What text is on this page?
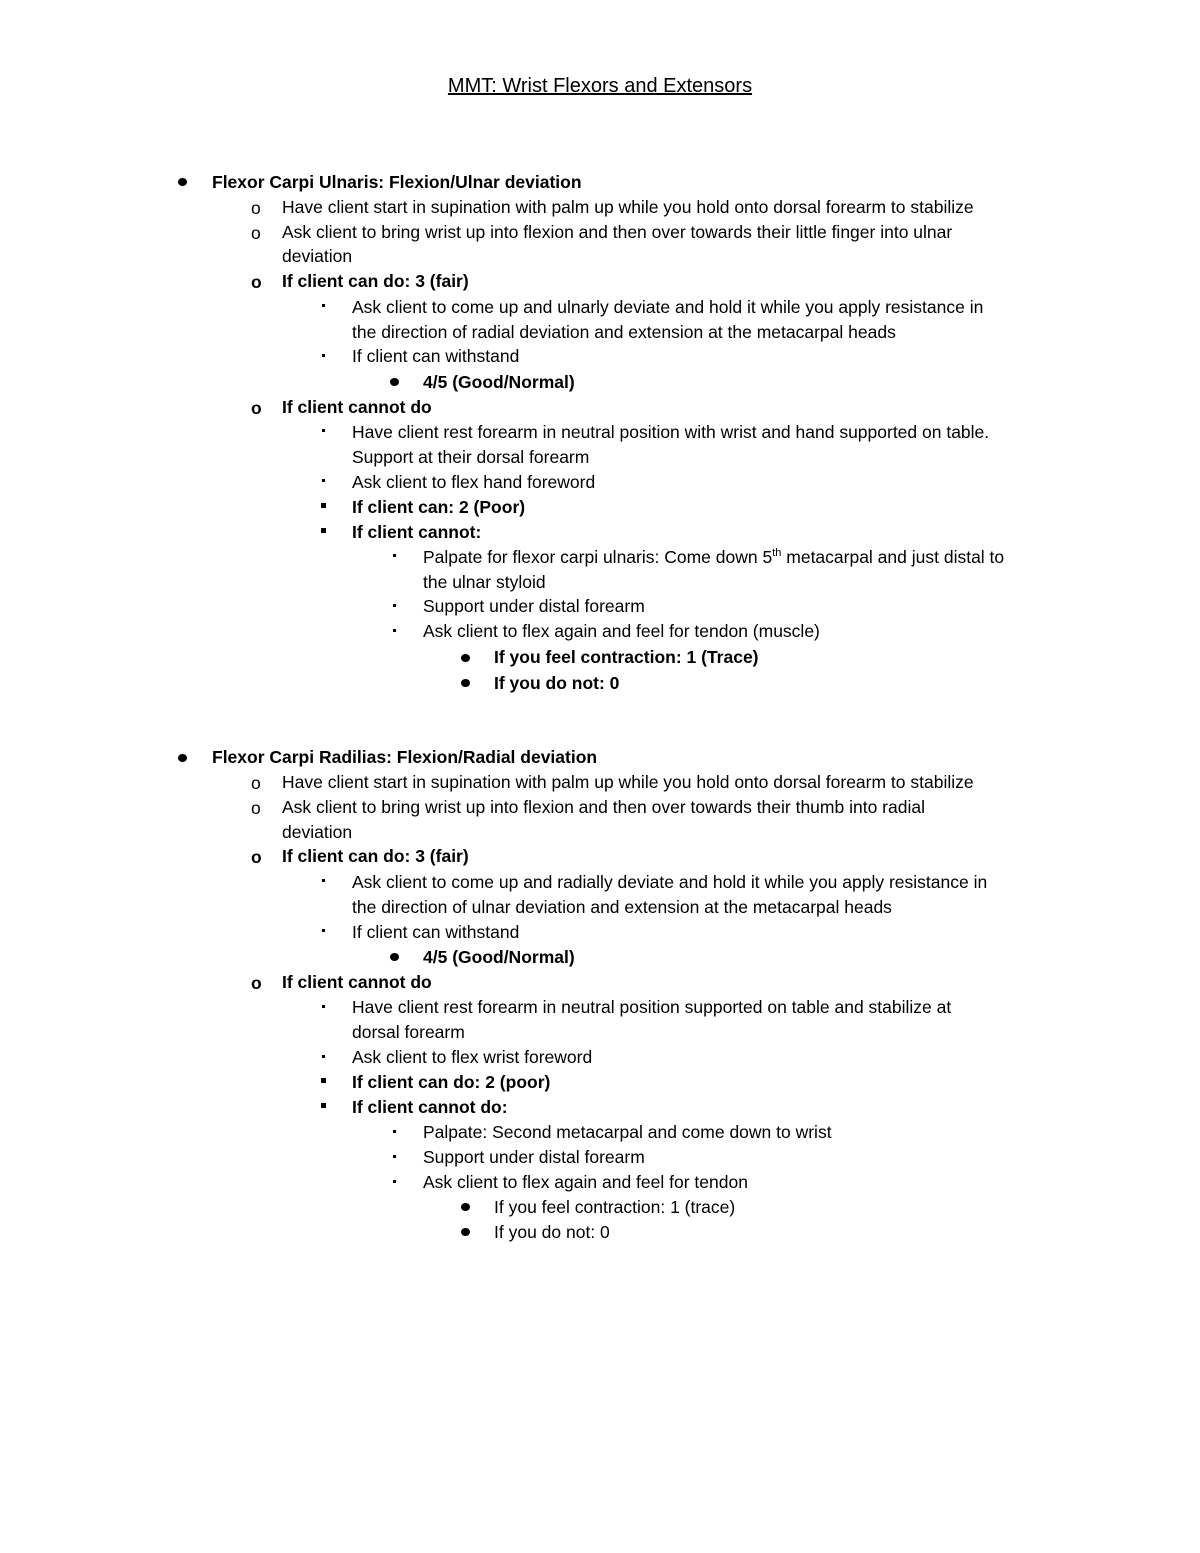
MMT: Wrist Flexors and Extensors
Flexor Carpi Ulnaris: Flexion/Ulnar deviation
o Have client start in supination with palm up while you hold onto dorsal forearm to stabilize
o Ask client to bring wrist up into flexion and then over towards their little finger into ulnar
deviation
o If client can do: 3 (fair)
Ask client to come up and ulnarly deviate and hold it while you apply resistance in
the direction of radial deviation and extension at the metacarpal heads
If client can withstand
4/5 (Good/Normal)
o If client cannot do
Have client rest forearm in neutral position with wrist and hand supported on table.
Support at their dorsal forearm
Ask client to flex hand foreword
If client can: 2 (Poor)
If client cannot:
Palpate for flexor carpi ulnaris: Come down 5th metacarpal and just distal to
the ulnar styloid
Support under distal forearm
Ask client to flex again and feel for tendon (muscle)
If you feel contraction: 1 (Trace)
If you do not: 0
Flexor Carpi Radilias: Flexion/Radial deviation
o Have client start in supination with palm up while you hold onto dorsal forearm to stabilize
o Ask client to bring wrist up into flexion and then over towards their thumb into radial
deviation
o If client can do: 3 (fair)
Ask client to come up and radially deviate and hold it while you apply resistance in
the direction of ulnar deviation and extension at the metacarpal heads
If client can withstand
4/5 (Good/Normal)
o If client cannot do
Have client rest forearm in neutral position supported on table and stabilize at
dorsal forearm
Ask client to flex wrist foreword
If client can do: 2 (poor)
If client cannot do:
Palpate: Second metacarpal and come down to wrist
Support under distal forearm
Ask client to flex again and feel for tendon
If you feel contraction: 1 (trace)
If you do not: 0
